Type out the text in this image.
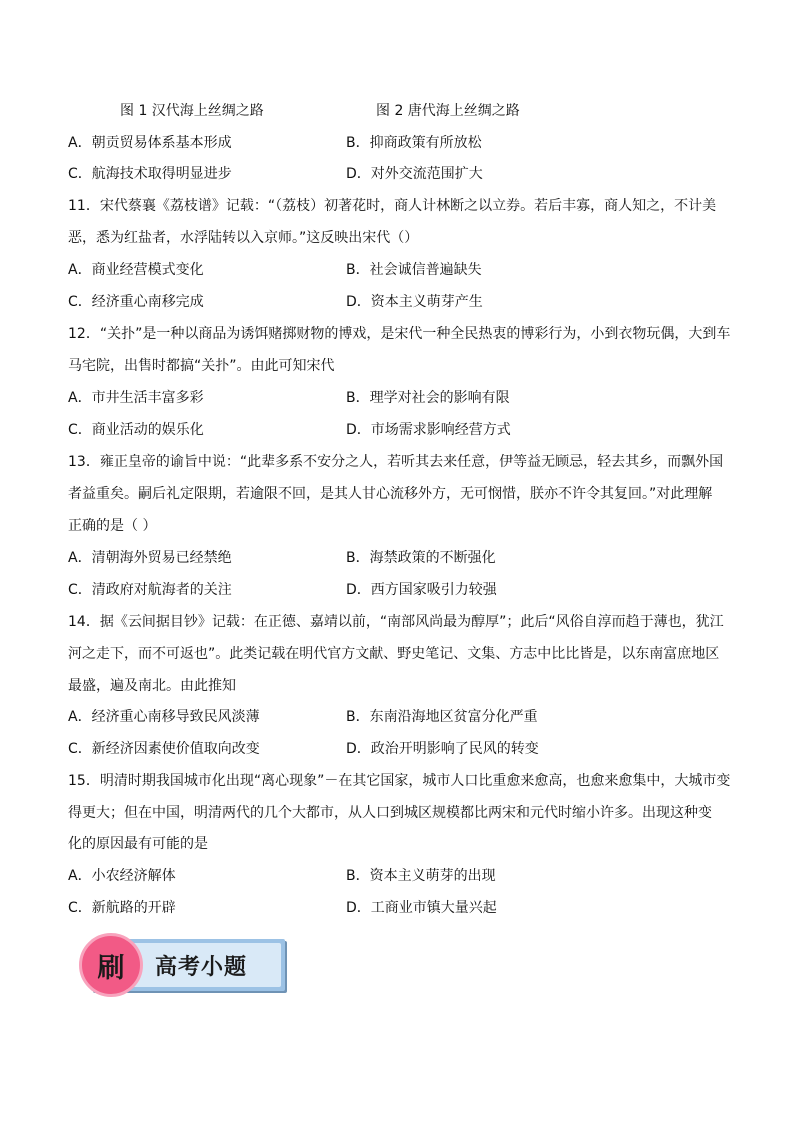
图 1 汉代海上丝绸之路	图 2 唐代海上丝绸之路
A．朝贡贸易体系基本形成	B．抑商政策有所放松
C．航海技术取得明显进步	D．对外交流范围扩大
11．宋代蔡襄《荔枝谱》记载：“（荔枝）初著花时，商人计林断之以立券。若后丰寡，商人知之，不计美
恶，悉为红盐者，水浮陆转以入京师。”这反映出宋代（）
A．商业经营模式变化	B．社会诚信普遍缺失
C．经济重心南移完成	D．资本主义萌芽产生
12．“关扑”是一种以商品为诱饵赌掷财物的博戏，是宋代一种全民热衷的博彩行为，小到衣物玩偶，大到车
马宅院，出售时都搞“关扑”。由此可知宋代
A．市井生活丰富多彩	B．理学对社会的影响有限
C．商业活动的娱乐化	D．市场需求影响经营方式
13．雍正皇帝的谕旨中说：“此辈多系不安分之人，若听其去来任意，伊等益无顾忌，轻去其乡，而飘外国
者益重矣。嗣后礼定限期，若逾限不回，是其人甘心流移外方，无可悯惜，朕亦不许令其复回。”对此理解
正确的是（ ）
A．清朝海外贸易已经禁绝	B．海禁政策的不断强化
C．清政府对航海者的关注	D．西方国家吸引力较强
14．据《云间据目钞》记载：在正德、嘉靖以前，“南部风尚最为醇厚”；此后“风俗自淳而趋于薄也，犹江
河之走下，而不可返也”。此类记载在明代官方文献、野史笔记、文集、方志中比比皆是，以东南富庶地区
最盛，遍及南北。由此推知
A．经济重心南移导致民风淡薄	B．东南沿海地区贫富分化严重
C．新经济因素使价值取向改变	D．政治开明影响了民风的转变
15．明清时期我国城市化出现“离心现象”－在其它国家，城市人口比重愈来愈高，也愈来愈集中，大城市变
得更大；但在中国，明清两代的几个大都市，从人口到城区规模都比两宋和元代时缩小许多。出现这种变
化的原因最有可能的是
A．小农经济解体	B．资本主义萌芽的出现
C．新航路的开辟	D．工商业市镇大量兴起
刷 高考小题
